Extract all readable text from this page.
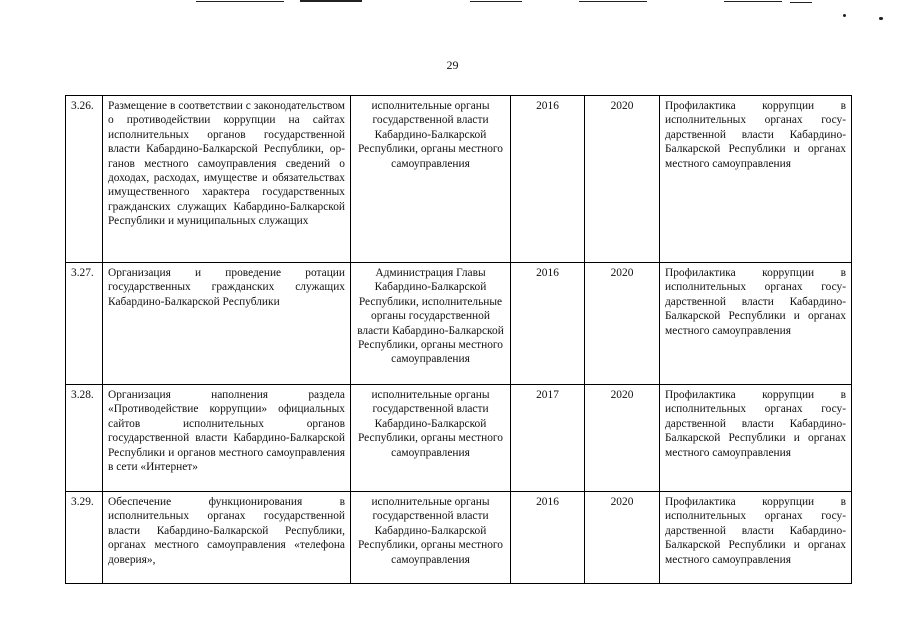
29
3.26.	Размещение в соответствии с законодательством о противодействии коррупции на сайтах исполнительных органов государственной власти Кабардино-Балкарской Республики, органов местного самоуправления сведений о доходах, расходах, имуществе и обязательствах имущественного характера государственных гражданских служащих Кабардино-Балкарской Республики и муниципальных служащих	исполнительные органы государственной власти Кабардино-Балкарской Республики, органы местного самоуправления	2016	2020	Профилактика коррупции в исполнительных органах государственной власти Кабардино-Балкарской Республики и органах местного самоуправления
3.27.	Организация и проведение ротации государственных гражданских служащих Кабардино-Балкарской Республики	Администрация Главы Кабардино-Балкарской Республики, исполнительные органы государственной власти Кабардино-Балкарской Республики, органы местного самоуправления	2016	2020	Профилактика коррупции в исполнительных органах государственной власти Кабардино-Балкарской Республики и органах местного самоуправления
3.28.	Организация наполнения раздела «Противодействие коррупции» официальных сайтов исполнительных органов государственной власти Кабардино-Балкарской Республики и органов местного самоуправления в сети «Интернет»	исполнительные органы государственной власти Кабардино-Балкарской Республики, органы местного самоуправления	2017	2020	Профилактика коррупции в исполнительных органах государственной власти Кабардино-Балкарской Республики и органах местного самоуправления
3.29.	Обеспечение функционирования в исполнительных органах государственной власти Кабардино-Балкарской Республики, органах местного самоуправления «телефона доверия»,	исполнительные органы государственной власти Кабардино-Балкарской Республики, органы местного самоуправления	2016	2020	Профилактика коррупции в исполнительных органах государственной власти Кабардино-Балкарской Республики и органах местного самоуправления
